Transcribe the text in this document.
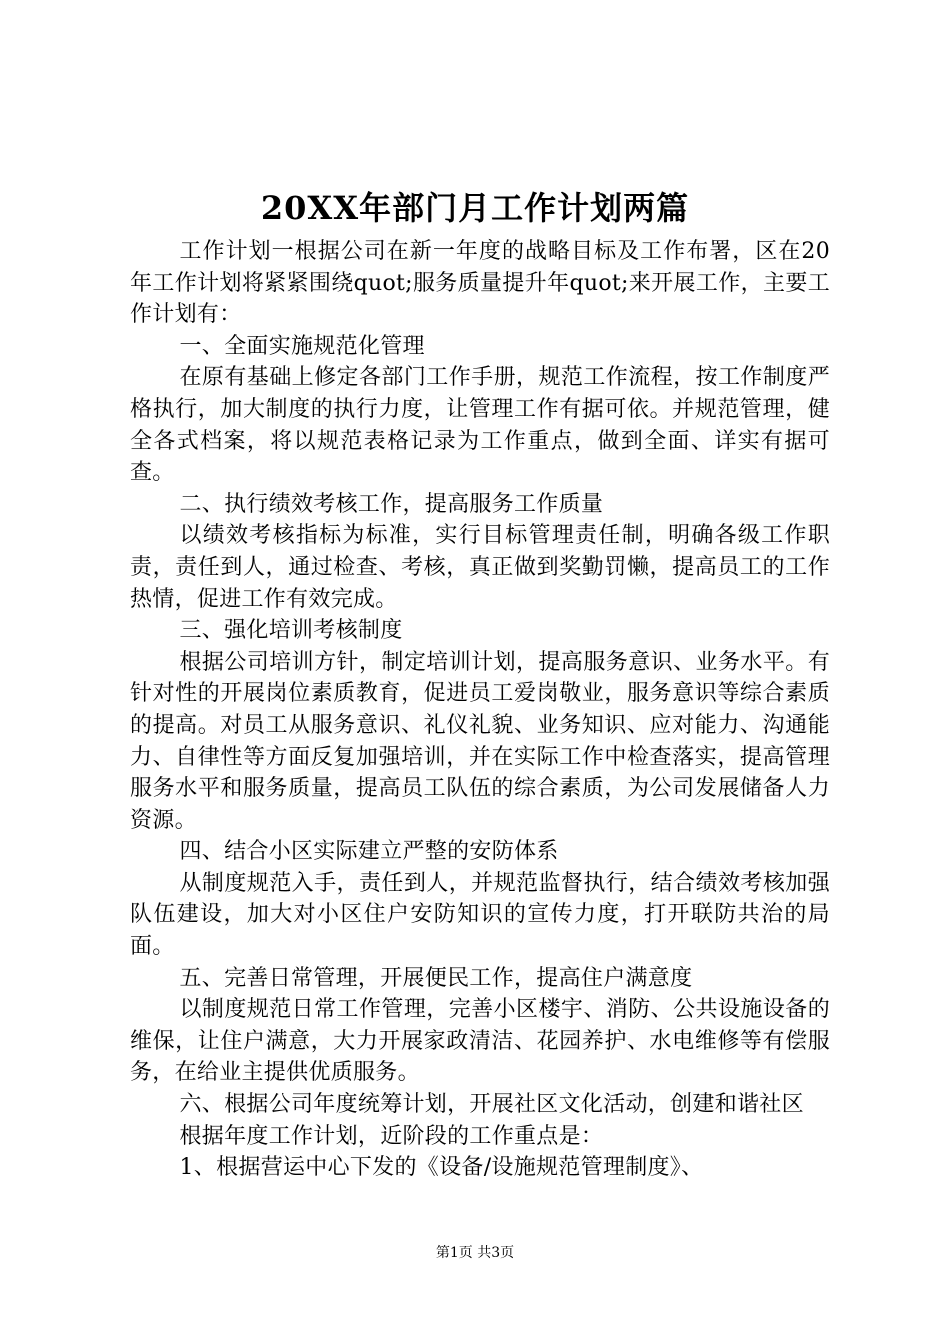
20XX年部门月工作计划两篇

工作计划一根据公司在新一年度的战略目标及工作布署，区在20年工作计划将紧紧围绕quot;服务质量提升年quot;来开展工作，主要工作计划有：

一、全面实施规范化管理

在原有基础上修定各部门工作手册，规范工作流程，按工作制度严格执行，加大制度的执行力度，让管理工作有据可依。并规范管理，健全各式档案，将以规范表格记录为工作重点，做到全面、详实有据可查。

二、执行绩效考核工作，提高服务工作质量

以绩效考核指标为标准，实行目标管理责任制，明确各级工作职责，责任到人，通过检查、考核，真正做到奖勤罚懒，提高员工的工作热情，促进工作有效完成。

三、强化培训考核制度

根据公司培训方针，制定培训计划，提高服务意识、业务水平。有针对性的开展岗位素质教育，促进员工爱岗敬业，服务意识等综合素质的提高。对员工从服务意识、礼仪礼貌、业务知识、应对能力、沟通能力、自律性等方面反复加强培训，并在实际工作中检查落实，提高管理服务水平和服务质量，提高员工队伍的综合素质，为公司发展储备人力资源。

四、结合小区实际建立严整的安防体系

从制度规范入手，责任到人，并规范监督执行，结合绩效考核加强队伍建设，加大对小区住户安防知识的宣传力度，打开联防共治的局面。

五、完善日常管理，开展便民工作，提高住户满意度

以制度规范日常工作管理，完善小区楼宇、消防、公共设施设备的维保，让住户满意，大力开展家政清洁、花园养护、水电维修等有偿服务，在给业主提供优质服务。

六、根据公司年度统筹计划，开展社区文化活动，创建和谐社区

根据年度工作计划，近阶段的工作重点是：

1、根据营运中心下发的《设备/设施规范管理制度》、

第1页 共3页
